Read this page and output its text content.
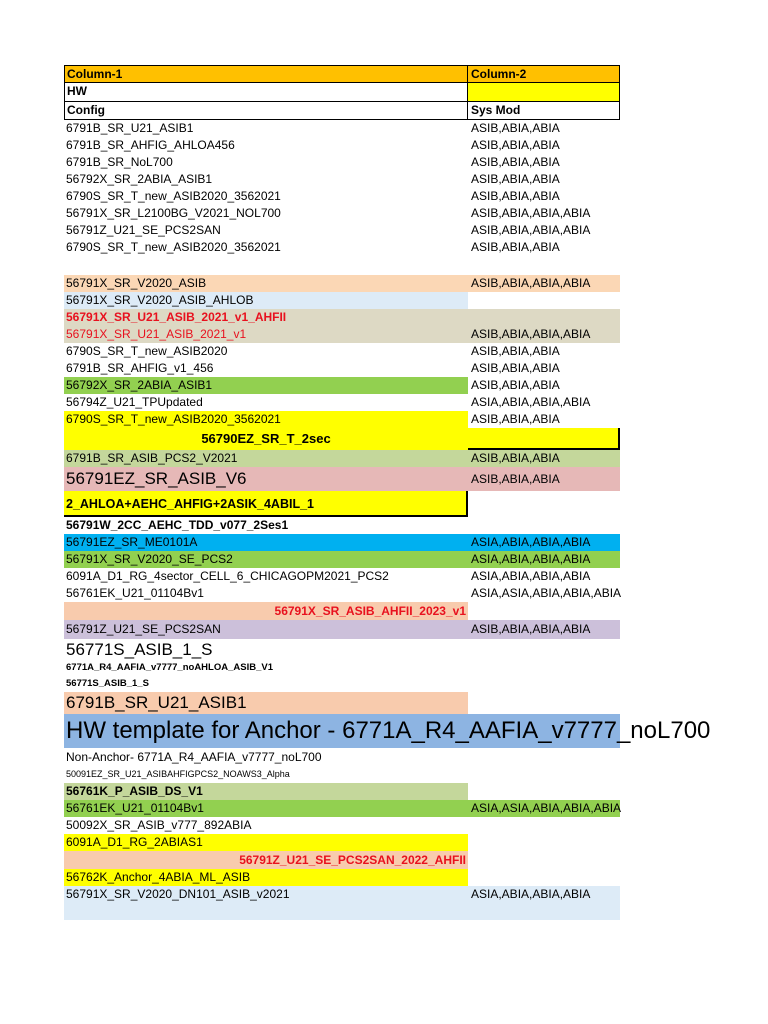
Column-1	Column-2
HW
Config	Sys Mod
6791B_SR_U21_ASIB1	ASIB,ABIA,ABIA
6791B_SR_AHFIG_AHLOA456	ASIB,ABIA,ABIA
6791B_SR_NoL700	ASIB,ABIA,ABIA
56792X_SR_2ABIA_ASIB1	ASIB,ABIA,ABIA
6790S_SR_T_new_ASIB2020_3562021	ASIB,ABIA,ABIA
56791X_SR_L2100BG_V2021_NOL700	ASIB,ABIA,ABIA,ABIA
56791Z_U21_SE_PCS2SAN	ASIB,ABIA,ABIA,ABIA
6790S_SR_T_new_ASIB2020_3562021	ASIB,ABIA,ABIA
56791X_SR_V2020_ASIB	ASIB,ABIA,ABIA,ABIA
56791X_SR_V2020_ASIB_AHLOB
56791X_SR_U21_ASIB_2021_v1_AHFII
56791X_SR_U21_ASIB_2021_v1	ASIB,ABIA,ABIA,ABIA
6790S_SR_T_new_ASIB2020	ASIB,ABIA,ABIA
6791B_SR_AHFIG_v1_456	ASIB,ABIA,ABIA
56792X_SR_2ABIA_ASIB1	ASIB,ABIA,ABIA
56794Z_U21_TPUpdated	ASIA,ABIA,ABIA,ABIA
6790S_SR_T_new_ASIB2020_3562021	ASIB,ABIA,ABIA
56790EZ_SR_T_2sec
6791B_SR_ASIB_PCS2_V2021	ASIB,ABIA,ABIA
56791EZ_SR_ASIB_V6	ASIB,ABIA,ABIA
2_AHLOA+AEHC_AHFIG+2ASIK_4ABIL_1
56791W_2CC_AEHC_TDD_v077_2Ses1
56791EZ_SR_ME0101A	ASIA,ABIA,ABIA,ABIA
56791X_SR_V2020_SE_PCS2	ASIA,ABIA,ABIA,ABIA
6091A_D1_RG_4sector_CELL_6_CHICAGOPM2021_PCS2	ASIA,ABIA,ABIA,ABIA
56761EK_U21_01104Bv1	ASIA,ASIA,ABIA,ABIA,ABIA
56791X_SR_ASIB_AHFII_2023_v1
56791Z_U21_SE_PCS2SAN	ASIB,ABIA,ABIA,ABIA
56771S_ASIB_1_S
6771A_R4_AAFIA_v7777_noAHLOA_ASIB_V1
56771S_ASIB_1_S
6791B_SR_U21_ASIB1
HW template for Anchor - 6771A_R4_AAFIA_v7777_noL700
Non-Anchor- 6771A_R4_AAFIA_v7777_noL700
50091EZ_SR_U21_ASIBAHFIGPCS2_NOAWS3_Alpha
56761K_P_ASIB_DS_V1
56761EK_U21_01104Bv1	ASIA,ASIA,ABIA,ABIA,ABIA
50092X_SR_ASIB_v777_892ABIA
6091A_D1_RG_2ABIAS1
56791Z_U21_SE_PCS2SAN_2022_AHFII
56762K_Anchor_4ABIA_ML_ASIB
56791X_SR_V2020_DN101_ASIB_v2021	ASIA,ABIA,ABIA,ABIA
